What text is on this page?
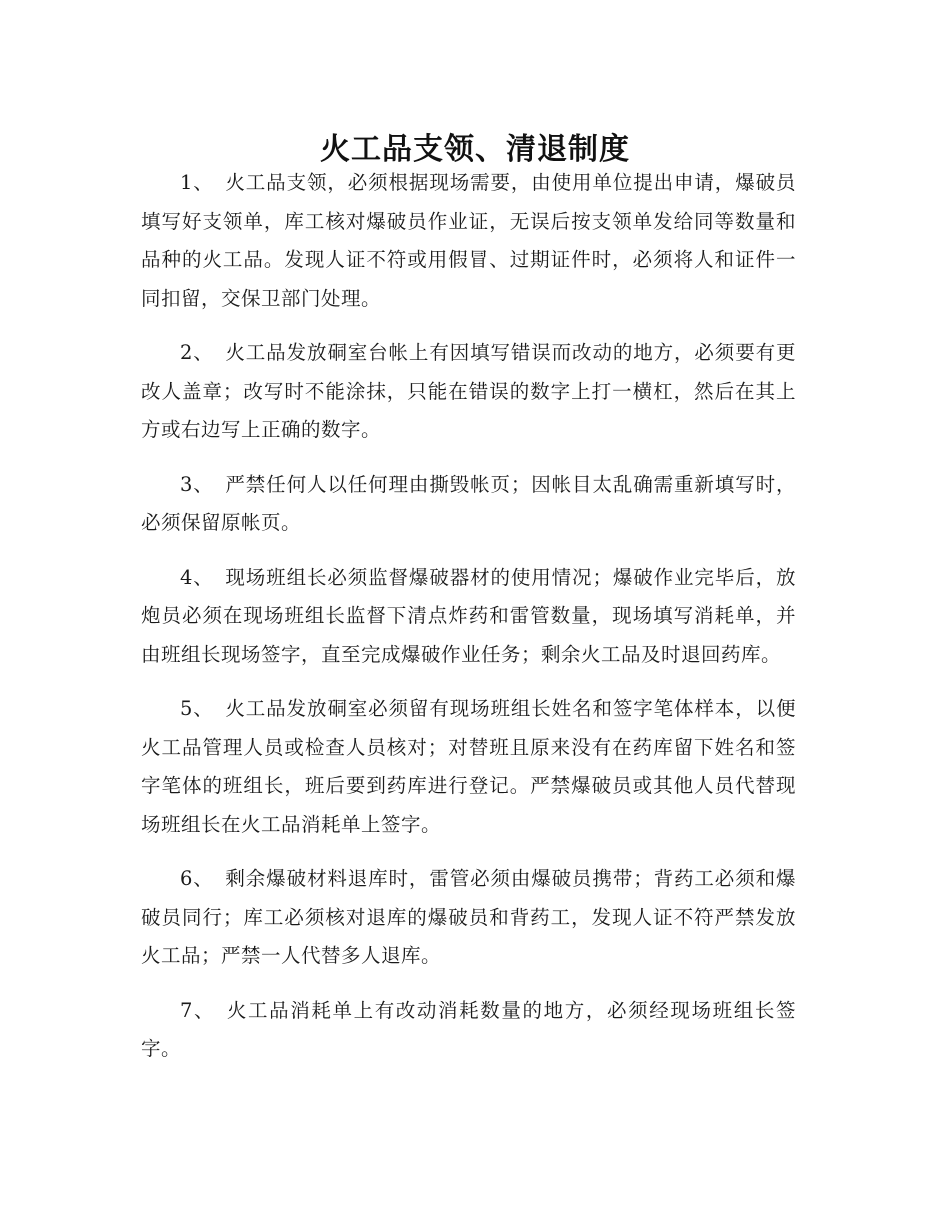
火工品支领、清退制度

1、 火工品支领，必须根据现场需要，由使用单位提出申请，爆破员填写好支领单，库工核对爆破员作业证，无误后按支领单发给同等数量和品种的火工品。发现人证不符或用假冒、过期证件时，必须将人和证件一同扣留，交保卫部门处理。

2、 火工品发放硐室台帐上有因填写错误而改动的地方，必须要有更改人盖章；改写时不能涂抹，只能在错误的数字上打一横杠，然后在其上方或右边写上正确的数字。

3、 严禁任何人以任何理由撕毁帐页；因帐目太乱确需重新填写时，必须保留原帐页。

4、 现场班组长必须监督爆破器材的使用情况；爆破作业完毕后，放炮员必须在现场班组长监督下清点炸药和雷管数量，现场填写消耗单，并由班组长现场签字，直至完成爆破作业任务；剩余火工品及时退回药库。

5、 火工品发放硐室必须留有现场班组长姓名和签字笔体样本，以便火工品管理人员或检查人员核对；对替班且原来没有在药库留下姓名和签字笔体的班组长，班后要到药库进行登记。严禁爆破员或其他人员代替现场班组长在火工品消耗单上签字。

6、 剩余爆破材料退库时，雷管必须由爆破员携带；背药工必须和爆破员同行；库工必须核对退库的爆破员和背药工，发现人证不符严禁发放火工品；严禁一人代替多人退库。

7、 火工品消耗单上有改动消耗数量的地方，必须经现场班组长签字。
